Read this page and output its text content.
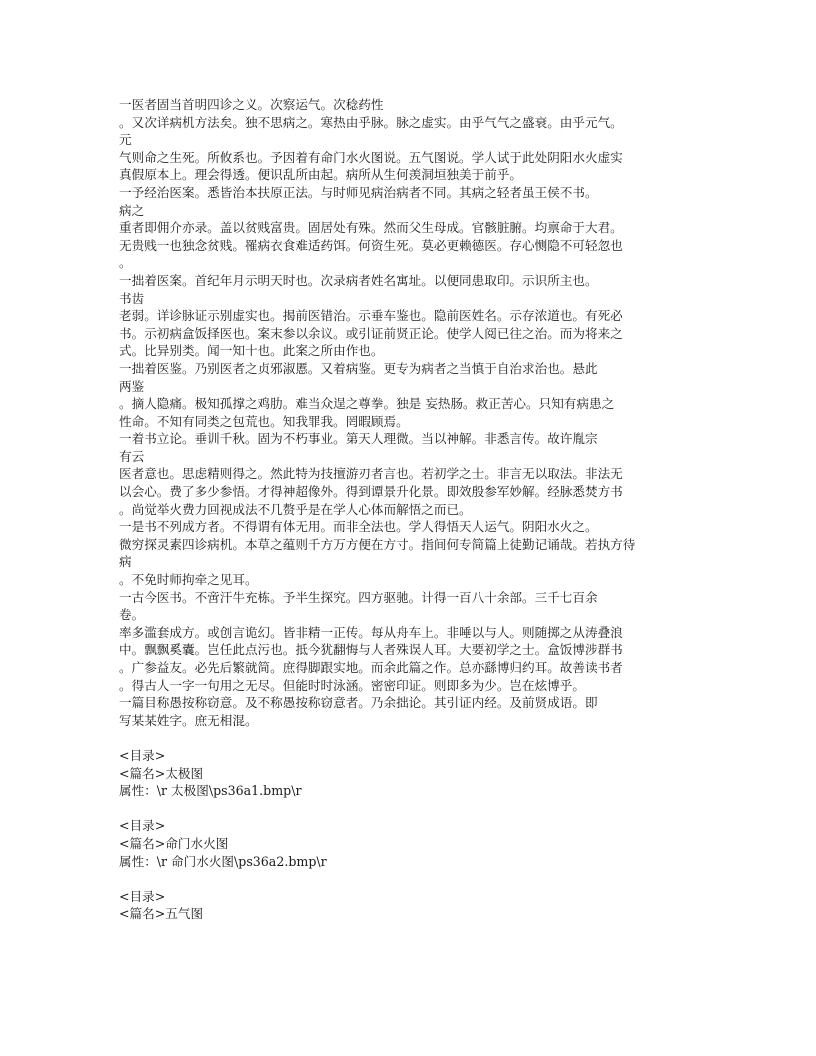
一医者固当首明四诊之义。次察运气。次稔药性
。又次详病机方法矣。独不思病之。寒热由乎脉。脉之虚实。由乎气气之盛衰。由乎元气。
元
气则命之生死。所攸系也。予因着有命门水火图说。五气图说。学人试于此处阴阳水火虚实
真假原本上。理会得透。便识乱所由起。病所从生何羡洞垣独美于前乎。
一予经治医案。悉皆治本扶原正法。与时师见病治病者不同。其病之轻者虽王侯不书。
病之
重者即佣介亦录。盖以贫贱富贵。固居处有殊。然而父生母成。官骸脏腑。均禀命于大君。
无贵贱一也独念贫贱。罹病衣食难适药饵。何资生死。莫必更赖德医。存心恻隐不可轻忽也
。
一拙着医案。首纪年月示明天时也。次录病者姓名寓址。以便同患取印。示识所主也。
书齿
老弱。详诊脉证示别虚实也。揭前医错治。示垂车鉴也。隐前医姓名。示存浓道也。有死必
书。示初病盒饭择医也。案末参以余议。或引证前贤正论。使学人阅已往之治。而为将来之
式。比异别类。闻一知十也。此案之所由作也。
一拙着医鉴。乃别医者之贞邪淑慝。又着病鉴。更专为病者之当慎于自治求治也。悬此
两鉴
。摘人隐痛。极知孤撑之鸡肋。难当众逞之尊拳。独是 妄热肠。救正苦心。只知有病患之
性命。不知有同类之包荒也。知我罪我。罔暇顾焉。
一着书立论。垂训千秋。固为不朽事业。第天人理微。当以神解。非悉言传。故许胤宗
有云
医者意也。思虑精则得之。然此特为技擅游刃者言也。若初学之士。非言无以取法。非法无
以会心。费了多少参悟。才得神超像外。得到谭景升化景。即效殷参军妙解。经脉悉焚方书
。尚觉举火费力回视成法不几赘乎是在学人心体而解悟之而已。
一是书不列成方者。不得谓有体无用。而非全法也。学人得悟天人运气。阴阳水火之。
微穷探灵素四诊病机。本草之蕴则千方万方便在方寸。指间何专简篇上徒勤记诵哉。若执方待
病
。不免时师拘牵之见耳。
一古今医书。不啻汗牛充栋。予半生探究。四方驱驰。计得一百八十余部。三千七百余
卷。
率多滥套成方。或创言诡幻。皆非精一正传。每从舟车上。非唾以与人。则随掷之从涛叠浪
中。飘飘奚囊。岂任此点污也。抵今犹翻悔与人者殊误人耳。大要初学之士。盒饭博涉群书
。广参益友。必先后繁就简。庶得脚跟实地。而余此篇之作。总亦繇博归约耳。故善读书者
。得古人一字一句用之无尽。但能时时泳涵。密密印证。则即多为少。岂在炫博乎。
一篇目称愚按称窃意。及不称愚按称窃意者。乃余拙论。其引证内经。及前贤成语。即
写某某姓字。庶无相混。
<目录>
<篇名>太极图
属性：\r 太极图\ps36a1.bmp\r
<目录>
<篇名>命门水火图
属性：\r 命门水火图\ps36a2.bmp\r
<目录>
<篇名>五气图
